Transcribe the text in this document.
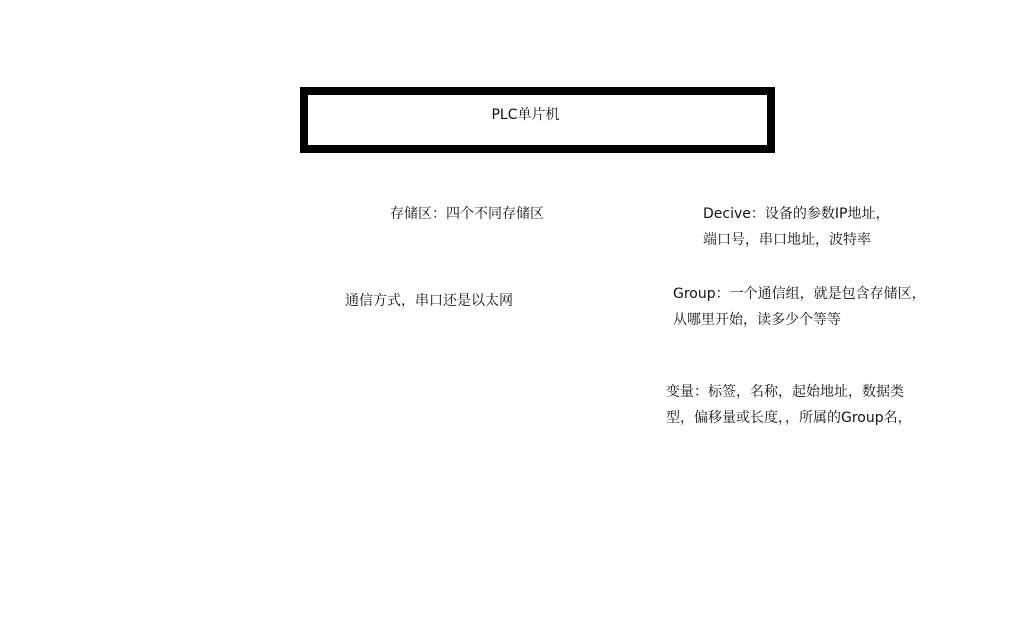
PLC单片机
存储区：四个不同存储区
通信方式，串口还是以太网
Decive：设备的参数IP地址，
端口号，串口地址，波特率
Group：一个通信组，就是包含存储区，
从哪里开始，读多少个等等
变量：标签，名称，起始地址，数据类
型，偏移量或长度，，所属的Group名，
